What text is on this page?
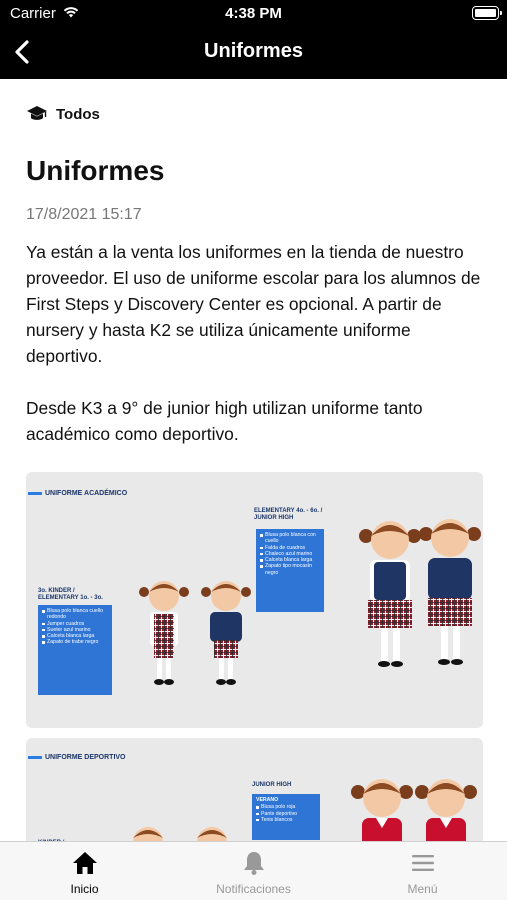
Carrier	4:38 PM
Uniformes
Todos
Uniformes
17/8/2021 15:17

Ya están a la venta los uniformes en la tienda de nuestro proveedor. El uso de uniforme escolar para los alumnos de First Steps y Discovery Center es opcional. A partir de nursery y hasta K2 se utiliza únicamente uniforme deportivo.

Desde K3 a 9° de junior high utilizan uniforme tanto académico como deportivo.

UNIFORME ACADÉMICO
ELEMENTARY 4o. - 6o. / JUNIOR HIGH
Blusa polo blanca con cuello
Falda de cuadros
Chaleco azul marino
Calceta blanca larga
Zapato tipo mocasín negro
3o. KINDER / ELEMENTARY 1o. - 3o.
Blusa polo blanca cuello redondo
Jumper cuadros
Sueter azul marino
Calceta blanca larga
Zapato de trabe negro
UNIFORME DEPORTIVO
JUNIOR HIGH
VERANO
Blusa polo roja
Pants deportivo
Tenis blancos
Inicio	Notificaciones	Menú
